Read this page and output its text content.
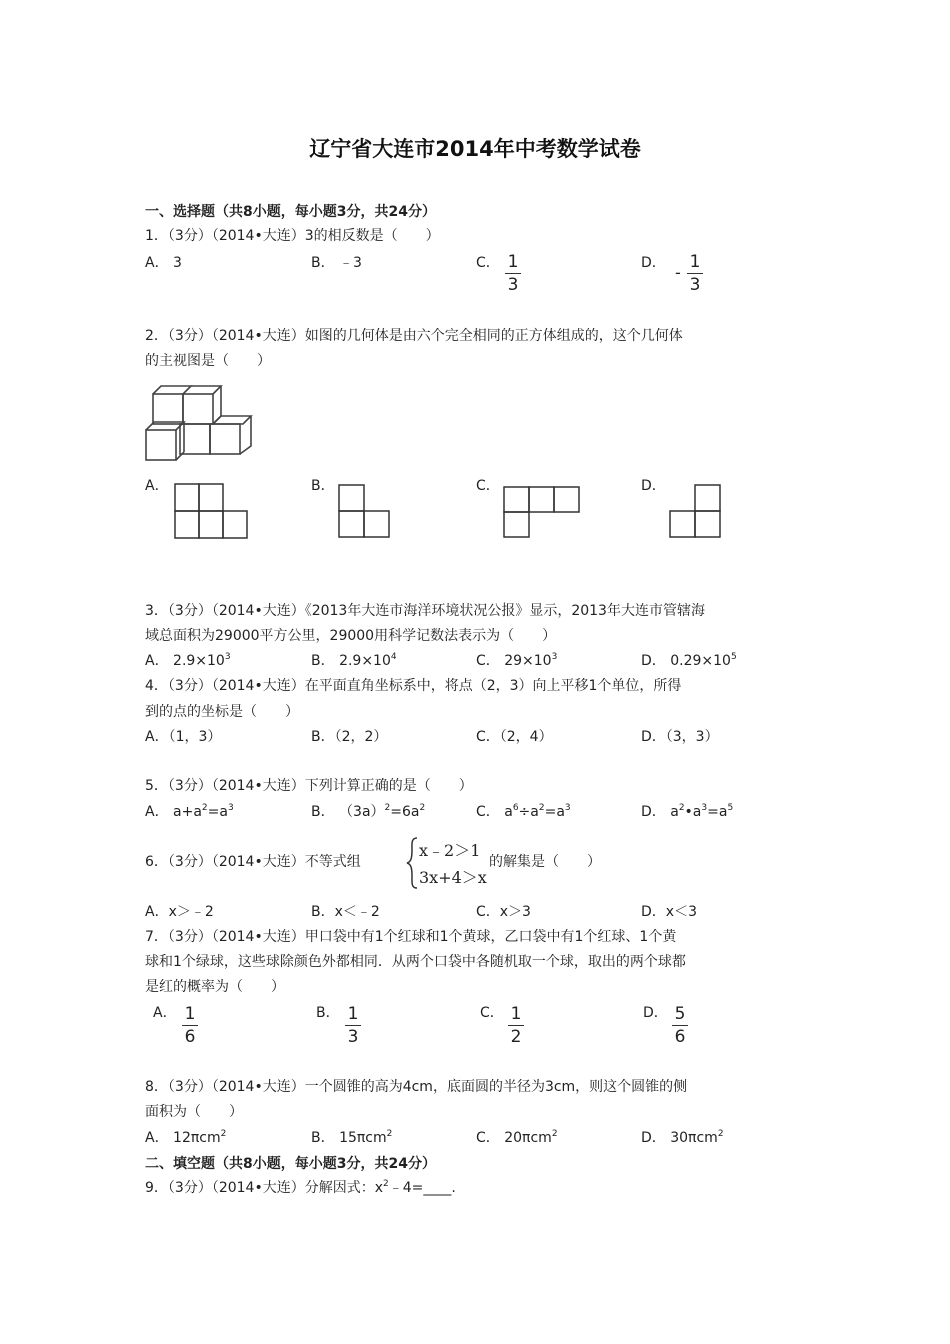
辽宁省大连市2014年中考数学试卷
一、选择题（共8小题，每小题3分，共24分）
1．（3分）（2014•大连）3的相反数是（　　）
A． 3	B． ﹣3	C． 1
3
D． -
1
3
2．（3分）（2014•大连）如图的几何体是由六个完全相同的正方体组成的，这个几何体
的主视图是（　　）
A．	B．	C．	D．
3．（3分）（2014•大连）《2013年大连市海洋环境状况公报》显示，2013年大连市管辖海
域总面积为29000平方公里，29000用科学记数法表示为（　　）
A． $2.9\times 10^3$	B． $2.9\times 10^4$	C． $29\times 10^3$	D． $0.29\times 10^5$
4．（3分）（2014•大连）在平面直角坐标系中，将点（2，3）向上平移1个单位，所得
到的点的坐标是（　　）
A．（1，3）	B．（2，2）	C．（2，4）	D．（3，3）
5．（3分）（2014•大连）下列计算正确的是（　　）
A． $a+a^2=a^3$	B． $(3a)^2=6a^2$	C． $a^6\div a^2=a^3$	D． $a^2•a^3=a^5$
6．（3分）（2014•大连）不等式组
x﹣2＞1
3x+4＞x
的解集是（　　）
A．x＞﹣2	B．x＜﹣2	C．x＞3	D．x＜3
7．（3分）（2014•大连）甲口袋中有1个红球和1个黄球，乙口袋中有1个红球、1个黄
球和1个绿球，这些球除颜色外都相同．从两个口袋中各随机取一个球，取出的两个球都
是红的概率为（　　）
A． 1
6
B． 1
3
C． 1
2
D． 5
6
8．（3分）（2014•大连）一个圆锥的高为4cm，底面圆的半径为3cm，则这个圆锥的侧
面积为（　　）
A． 12πcm$^2$	B． 15πcm$^2$	C． 20πcm$^2$	D． 30πcm$^2$
二、填空题（共8小题，每小题3分，共24分）
9．（3分）（2014•大连）分解因式：$x^2﹣4=\_\_\_\_$.
